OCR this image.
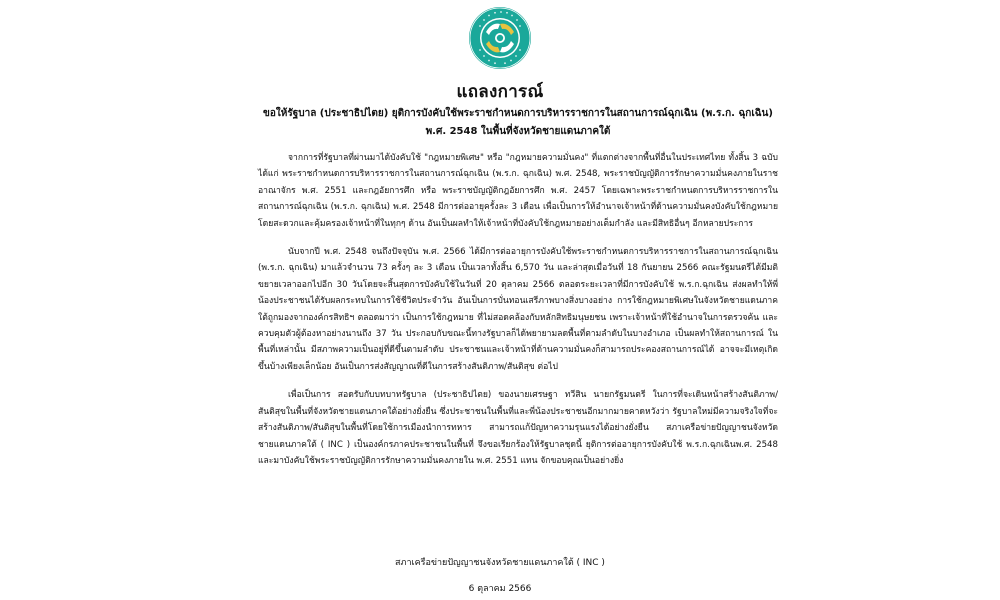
แถลงการณ์
ขอให้รัฐบาล (ประชาธิปไตย) ยุติการบังคับใช้พระราชกำหนดการบริหารราชการในสถานการณ์ฉุกเฉิน (พ.ร.ก. ฉุกเฉิน) พ.ศ. 2548 ในพื้นที่จังหวัดชายแดนภาคใต้

จากการที่รัฐบาลที่ผ่านมาได้บังคับใช้ "กฎหมายพิเศษ" หรือ "กฎหมายความมั่นคง" ที่แตกต่างจากพื้นที่อื่นในประเทศไทย ทั้งสิ้น 3 ฉบับ ได้แก่ พระราชกำหนดการบริหารราชการในสถานการณ์ฉุกเฉิน (พ.ร.ก. ฉุกเฉิน) พ.ศ. 2548, พระราชบัญญัติการรักษาความมั่นคงภายในราชอาณาจักร พ.ศ. 2551 และกฎอัยการศึก หรือ พระราชบัญญัติกฎอัยการศึก พ.ศ. 2457 โดยเฉพาะพระราชกำหนดการบริหารราชการในสถานการณ์ฉุกเฉิน (พ.ร.ก. ฉุกเฉิน) พ.ศ. 2548 มีการต่ออายุครั้งละ 3 เดือน เพื่อเป็นการให้อำนาจเจ้าหน้าที่ด้านความมั่นคงบังคับใช้กฎหมายโดยสะดวกและคุ้มครองเจ้าหน้าที่ในทุกๆ ด้าน อันเป็นผลทำให้เจ้าหน้าที่บังคับใช้กฎหมายอย่างเต็มกำลัง และมีสิทธิอื่นๆ อีกหลายประการ

นับจากปี พ.ศ. 2548 จนถึงปัจจุบัน พ.ศ. 2566 ได้มีการต่ออายุการบังคับใช้พระราชกำหนดการบริหารราชการในสถานการณ์ฉุกเฉิน (พ.ร.ก. ฉุกเฉิน) มาแล้วจำนวน 73 ครั้งๆ ละ 3 เดือน เป็นเวลาทั้งสิ้น 6,570 วัน และล่าสุดเมื่อวันที่ 18 กันยายน 2566 คณะรัฐมนตรีได้มีมติขยายเวลาออกไปอีก 30 วันโดยจะสิ้นสุดการบังคับใช้ในวันที่ 20 ตุลาคม 2566 ตลอดระยะเวลาที่มีการบังคับใช้ พ.ร.ก.ฉุกเฉิน ส่งผลทำให้พี่น้องประชาชนได้รับผลกระทบในการใช้ชีวิตประจำวัน อันเป็นการบั่นทอนเสรีภาพบางสิ่งบางอย่าง การใช้กฎหมายพิเศษในจังหวัดชายแดนภาคใต้ถูกมองจากองค์กรสิทธิฯ ตลอดมาว่า เป็นการใช้กฎหมาย ที่ไม่สอดคล้องกับหลักสิทธิมนุษยชน เพราะเจ้าหน้าที่ใช้อำนาจในการตรวจค้น และควบคุมตัวผู้ต้องหาอย่างนานถึง 37 วัน ประกอบกับขณะนี้ทางรัฐบาลก็ได้พยายามลดพื้นที่ตามลำดับในบางอำเภอ เป็นผลทำให้สถานการณ์ ในพื้นที่เหล่านั้น มีสภาพความเป็นอยู่ที่ดีขึ้นตามลำดับ ประชาชนและเจ้าหน้าที่ด้านความมั่นคงก็สามารถประคองสถานการณ์ได้ อาจจะมีเหตุเกิดขึ้นบ้างเพียงเล็กน้อย อันเป็นการส่งสัญญาณที่ดีในการสร้างสันติภาพ/สันติสุข ต่อไป

เพื่อเป็นการ สอดรับกับบทบาทรัฐบาล (ประชาธิปไตย) ของนายเศรษฐา ทวีสิน นายกรัฐมนตรี ในการที่จะเดินหน้าสร้างสันติภาพ/สันติสุขในพื้นที่จังหวัดชายแดนภาคใต้อย่างยั่งยืน ซึ่งประชาชนในพื้นที่และพี่น้องประชาชนอีกมากมายคาดหวังว่า รัฐบาลใหม่มีความจริงใจที่จะสร้างสันติภาพ/สันติสุขในพื้นที่โดยใช้การเมืองนำการทหาร สามารถแก้ปัญหาความรุนแรงได้อย่างยั่งยืน สภาเครือข่ายปัญญาชนจังหวัดชายแดนภาคใต้ ( INC ) เป็นองค์กรภาคประชาชนในพื้นที่ จึงขอเรียกร้องให้รัฐบาลชุดนี้ ยุติการต่ออายุการบังคับใช้ พ.ร.ก.ฉุกเฉินพ.ศ. 2548 และมาบังคับใช้พระราชบัญญัติการรักษาความมั่นคงภายใน พ.ศ. 2551 แทน จักขอบคุณเป็นอย่างยิ่ง

สภาเครือข่ายปัญญาชนจังหวัดชายแดนภาคใต้ ( INC )
6 ตุลาคม 2566
